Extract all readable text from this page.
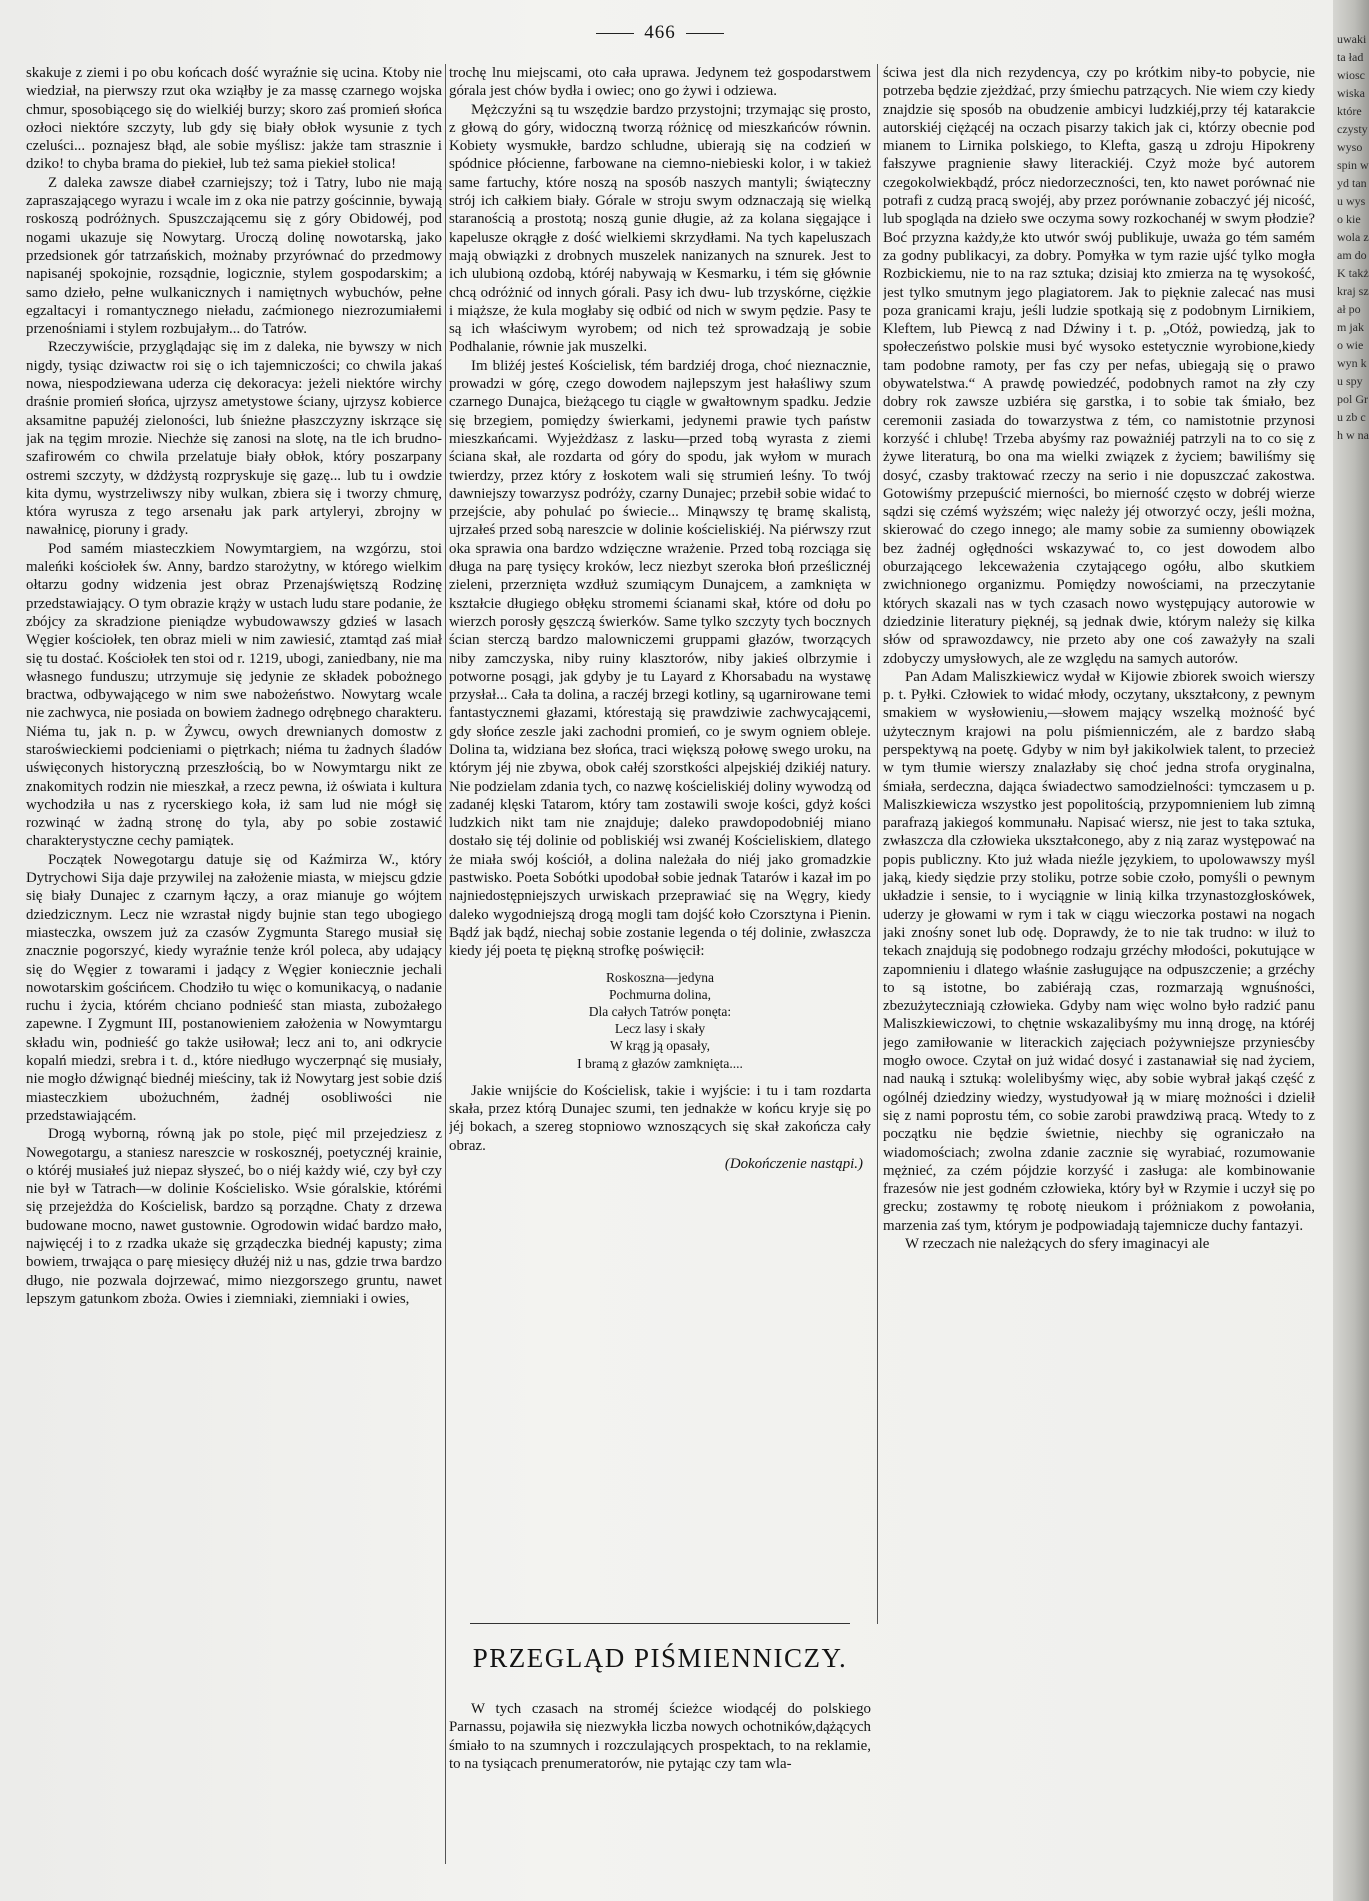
466

skakuje z ziemi i po obu końcach dość wyraźnie się ucina. Ktoby nie wiedział, na pierwszy rzut oka wziąłby je za massę czarnego wojska chmur, sposobiącego się do wielkiéj burzy; skoro zaś promień słońca ozłoci niektóre szczyty, lub gdy się biały obłok wysunie z tych czeluści... poznajesz błąd, ale sobie myślisz: jakże tam strasznie i dziko! to chyba brama do piekieł, lub też sama piekieł stolica!

Z daleka zawsze diabeł czarniejszy; toż i Tatry, lubo nie mają zapraszającego wyrazu i wcale im z oka nie patrzy gościnnie, bywają roskoszą podróżnych. Spuszczającemu się z góry Obidowéj, pod nogami ukazuje się Nowytarg. Uroczą dolinę nowotarską, jako przedsionek gór tatrzańskich, możnaby przyrównać do przedmowy napisanéj spokojnie, rozsądnie, logicznie, stylem gospodarskim; a samo dzieło, pełne wulkanicznych i namiętnych wybuchów, pełne egzaltacyi i romantycznego nieładu, zaćmionego niezrozumiałemi przenośniami i stylem rozbujałym... do Tatrów.

Rzeczywiście, przyglądając się im z daleka, nie bywszy w nich nigdy, tysiąc dziwactw roi się o ich tajemniczości; co chwila jakaś nowa, niespodziewana uderza cię dekoracya: jeżeli niektóre wirchy draśnie promień słońca, ujrzysz ametystowe ściany, ujrzysz kobierce aksamitne papużéj zieloności, lub śnieżne płaszczyzny iskrzące się jak na tęgim mrozie. Niechże się zanosi na slotę, na tle ich brudno-szafirowém co chwila przelatuje biały obłok, który poszarpany ostremi szczyty, w dżdżystą rozpryskuje się gazę... lub tu i owdzie kita dymu, wystrzeliwszy niby wulkan, zbiera się i tworzy chmurę, która wyrusza z tego arsenału jak park artyleryi, zbrojny w nawałnicę, pioruny i grady.

Pod samém miasteczkiem Nowymtargiem, na wzgórzu, stoi maleńki kościołek św. Anny, bardzo starożytny, w którego wielkim ołtarzu godny widzenia jest obraz Przenajświętszą Rodzinę przedstawiający. O tym obrazie krąży w ustach ludu stare podanie, że zbójcy za skradzione pieniądze wybudowawszy gdzieś w lasach Węgier kościołek, ten obraz mieli w nim zawiesić, ztamtąd zaś miał się tu dostać. Kościołek ten stoi od r. 1219, ubogi, zaniedbany, nie ma własnego funduszu; utrzymuje się jedynie ze składek pobożnego bractwa, odbywającego w nim swe nabożeństwo. Nowytarg wcale nie zachwyca, nie posiada on bowiem żadnego odrębnego charakteru. Niéma tu, jak n. p. w Żywcu, owych drewnianych domostw z staroświeckiemi podcieniami o piętrkach; niéma tu żadnych śladów uświęconych historyczną przeszłością, bo w Nowymtargu nikt ze znakomitych rodzin nie mieszkał, a rzecz pewna, iż oświata i kultura wychodziła u nas z rycerskiego koła, iż sam lud nie mógł się rozwinąć w żadną stronę do tyla, aby po sobie zostawić charakterystyczne cechy pamiątek.

Początek Nowegotargu datuje się od Kaźmirza W., który Dytrychowi Sija daje przywilej na założenie miasta, w miejscu gdzie się biały Dunajec z czarnym łączy, a oraz mianuje go wójtem dziedzicznym. Lecz nie wzrastał nigdy bujnie stan tego ubogiego miasteczka, owszem już za czasów Zygmunta Starego musiał się znacznie pogorszyć, kiedy wyraźnie tenże król poleca, aby udający się do Węgier z towarami i jadący z Węgier koniecznie jechali nowotarskim gościńcem. Chodziło tu więc o komunikacyą, o nadanie ruchu i życia, którém chciano podnieść stan miasta, zubożałego zapewne. I Zygmunt III, postanowieniem założenia w Nowymtargu składu win, podnieść go także usiłował; lecz ani to, ani odkrycie kopalń miedzi, srebra i t. d., które niedługo wyczerpnąć się musiały, nie mogło dźwignąć biednéj mieściny, tak iż Nowytarg jest sobie dziś miasteczkiem ubożuchném, żadnéj osobliwości nie przedstawiającém.

Drogą wyborną, równą jak po stole, pięć mil przejedziesz z Nowegotargu, a staniesz nareszcie w roskosznéj, poetycznéj krainie, o któréj musiałeś już niераz słyszeć, bo o niéj każdy wié, czy był czy nie był w Tatrach—w dolinie Kościelisko. Wsie góralskie, którémi się przejeżdża do Kościelisk, bardzo są porządne. Chaty z drzewa budowane mocno, nawet gustownie. Ogrodowin widać bardzo mało, najwięcéj i to z rzadka ukaże się grządeczka biednéj kapusty; zima bowiem, trwająca o parę miesięcy dłużéj niż u nas, gdzie trwa bardzo długo, nie pozwala dojrzewać, mimo niezgorszego gruntu, nawet lepszym gatunkom zboża. Owies i ziemniaki, ziemniaki i owies,

trochę lnu miejscami, oto cała uprawa. Jedynem też gospodarstwem górala jest chów bydła i owiec; ono go żywi i odziewa.

Mężczyźni są tu wszędzie bardzo przystojni; trzymając się prosto, z głową do góry, widoczną tworzą różnicę od mieszkańców równin. Kobiety wysmukłe, bardzo schludne, ubierają się na codzień w spódnice płócienne, farbowane na ciemno-niebieski kolor, i w takież same fartuchy, które noszą na sposób naszych mantyli; świąteczny strój ich całkiem biały. Górale w stroju swym odznaczają się wielką staranością a prostotą; noszą gunie długie, aż za kolana sięgające i kapelusze okrągłe z dość wielkiemi skrzydłami. Na tych kapeluszach mają obwiązki z drobnych muszelek nanizanych na sznurek. Jest to ich ulubioną ozdobą, któréj nabywają w Kesmarku, i tém się głównie chcą odróżnić od innych górali. Pasy ich dwu- lub trzyskórne, ciężkie i miąższe, że kula mogłaby się odbić od nich w swym pędzie. Pasy te są ich właściwym wyrobem; od nich też sprowadzają je sobie Podhalanie, równie jak muszelki.

Im bliżéj jesteś Kościelisk, tém bardziéj droga, choć nieznacznie, prowadzi w górę, czego dowodem najlepszym jest hałaśliwy szum czarnego Dunajca, bieżącego tu ciągle w gwałtownym spadku. Jedzie się brzegiem, pomiędzy świerkami, jedynemi prawie tych państw mieszkańcami. Wyjeżdżasz z lasku—przed tobą wyrasta z ziemi ściana skał, ale rozdarta od góry do spodu, jak wyłom w murach twierdzy, przez który z łoskotem wali się strumień leśny. To twój dawniejszy towarzysz podróży, czarny Dunajec; przebił sobie widać to przejście, aby pohulać po świecie... Minąwszy tę bramę skalistą, ujrzałeś przed sobą nareszcie w dolinie kościeliskiéj. Na piérwszy rzut oka sprawia ona bardzo wdzięczne wrażenie. Przed tobą rozciąga się długa na parę tysięcy kroków, lecz niezbyt szeroka błoń prześlicznéj zieleni, przerznięta wzdłuż szumiącym Dunajcem, a zamknięta w kształcie długiego obłęku stromemi ścianami skał, które od dołu po wierzch porosły gęszczą świerków. Same tylko szczyty tych bocznych ścian sterczą bardzo malowniczemi gruppami głazów, tworzących niby zamczyska, niby ruiny klasztorów, niby jakieś olbrzymie i potworne posągi, jak gdyby je tu Layard z Khorsabadu na wystawę przysłał... Cała ta dolina, a raczéj brzegi kotliny, są ugarnirowane temi fantastycznemi głazami, którestają się prawdziwie zachwycającemi, gdy słońce zeszle jaki zachodni promień, co je swym ogniem obleje. Dolina ta, widziana bez słońca, traci większą połowę swego uroku, na którym jéj nie zbywa, obok całéj szorstkości alpejskiéj dzikiéj natury. Nie podzielam zdania tych, co nazwę kościeliskiéj doliny wywodzą od zadanéj klęski Tatarom, który tam zostawili swoje kości, gdyż kości ludzkich nikt tam nie znajduje; daleko prawdopodobniéj miano dostało się téj dolinie od pobliskiéj wsi zwanéj Kościeliskiem, dlatego że miała swój kościół, a dolina należała do niéj jako gromadzkie pastwisko. Poeta Sobótki upodobał sobie jednak Tatarów i kazał im po najniedostępniejszych urwiskach przeprawiać się na Węgry, kiedy daleko wygodniejszą drogą mogli tam dojść koło Czorsztyna i Pienin. Bądź jak bądź, niechaj sobie zostanie legenda o téj dolinie, zwłaszcza kiedy jéj poeta tę piękną strofkę poświęcił:

Roskoszna—jedyna
Pochmurna dolina,
Dla całych Tatrów ponęta:
Lecz lasy i skały
W krąg ją opasały,
I bramą z głazów zamknięta....

Jakie wnijście do Kościelisk, takie i wyjście: i tu i tam rozdarta skała, przez którą Dunajec szumi, ten jednakże w końcu kryje się po jéj bokach, a szereg stopniowo wznoszących się skał zakończa cały obraz.

(Dokończenie nastąpi.)

PRZEGLĄD PIŚMIENNICZY.

W tych czasach na stroméj ścieżce wiodącéj do polskiego Parnassu, pojawiła się niezwykła liczba nowych ochotników,dążących śmiało to na szumnych i rozczulających prospektach, to na reklamie, to na tysiącach prenumeratorów, nie pytając czy tam wla-

ściwa jest dla nich rezydencya, czy po krótkim niby-to pobycie, nie potrzeba będzie zjeżdżać, przy śmiechu patrzących. Nie wiem czy kiedy znajdzie się sposób na obudzenie ambicyi ludzkiéj,przy téj katarakcie autorskiéj ciężącéj na oczach pisarzy takich jak ci, którzy obecnie pod mianem to Lirnika polskiego, to Klefta, gaszą u zdroju Hipokreny fałszywe pragnienie sławy literackiéj. Czyż może być autorem czegokolwiekbądź, prócz niedorzeczności, ten, kto nawet porównać nie potrafi z cudzą pracą swojéj, aby przez porównanie zobaczyć jéj nicość, lub spogląda na dzieło swe oczyma sowy rozkochanéj w swym płodzie? Boć przyzna każdy,że kto utwór swój publikuje, uważa go tém samém za godny publikacyi, za dobry. Pomyłka w tym razie ujść tylko mogła Rozbickiemu, nie to na raz sztuka; dzisiaj kto zmierza na tę wysokość, jest tylko smutnym jego plagiatorem. Jak to pięknie zalecać nas musi poza granicami kraju, jeśli ludzie spotkają się z podobnym Lirnikiem, Kleftem, lub Piewcą z nad Dźwiny i t. p. „Otóż, powiedzą, jak to społeczeństwo polskie musi być wysoko estetycznie wyrobione,kiedy tam podobne ramoty, per fas czy per nefas, ubiegają się o prawo obywatelstwa.“ A prawdę powiedzéć, podobnych ramot na zły czy dobry rok zawsze uzbiéra się garstka, i to sobie tak śmiało, bez ceremonii zasiada do towarzystwa z tém, co namistotnie przynosi korzyść i chlubę! Trzeba abyśmy raz poważniéj patrzyli na to co się z żywe literaturą, bo ona ma wielki związek z życiem; bawiliśmy się dosyć, czasby traktować rzeczy na serio i nie dopuszczać zakostwa. Gotowiśmy przepuścić mierności, bo mierność często w dobréj wierze sądzi się czémś wyższém; więc należy jéj otworzyć oczy, jeśli można, skierować do czego innego; ale mamy sobie za sumienny obowiązek bez żadnéj ogłędności wskazywać to, co jest dowodem albo oburzającego lekceważenia czytającego ogółu, albo skutkiem zwichnionego organizmu. Pomiędzy nowościami, na przeczytanie których skazali nas w tych czasach nowo występujący autorowie w dziedzinie literatury pięknéj, są jednak dwie, którym należy się kilka słów od sprawozdawcy, nie przeto aby one coś zaważyły na szali zdobyczy umysłowych, ale ze względu na samych autorów.

Pan Adam Maliszkiewicz wydał w Kijowie zbiorek swoich wierszy p. t. Pyłki. Człowiek to widać młody, oczytany, ukształcony, z pewnym smakiem w wysłowieniu,—słowem mający wszelką możność być użytecznym krajowi na polu piśmienniczém, ale z bardzo słabą perspektywą na poetę. Gdyby w nim był jakikolwiek talent, to przecież w tym tłumie wierszy znalazłaby się choć jedna strofa oryginalna, śmiała, serdeczna, dająca świadectwo samodzielności: tymczasem u p. Maliszkiewicza wszystko jest popolitością, przypomnieniem lub zimną parafrazą jakiegoś kommunału. Napisać wiersz, nie jest to taka sztuka, zwłaszcza dla człowieka ukształconego, aby z nią zaraz występować na popis publiczny. Kto już włada nieźle językiem, to upolowawszy myśl jaką, kiedy siędzie przy stoliku, potrze sobie czoło, pomyśli o pewnym układzie i sensie, to i wyciągnie w linią kilka trzynastozgłoskówek, uderzy je głowami w rym i tak w ciągu wieczorka postawi na nogach jaki znośny sonet lub odę. Doprawdy, że to nie tak trudno: w iluż to tekach znajdują się podobnego rodzaju grzéchy młodości, pokutujące w zapomnieniu i dlatego właśnie zasługujące na odpuszczenie; a grzéchy to są istotne, bo zabiérają czas, rozmarzają wgnuśności, zbezużyteczniają człowieka. Gdyby nam więc wolno było radzić panu Maliszkiewiczowi, to chętnie wskazalibyśmy mu inną drogę, na któréj jego zamiłowanie w literackich zajęciach pożywniejsze przyniesćby mogło owoce. Czytał on już widać dosyć i zastanawiał się nad życiem, nad nauką i sztuką: wolelibyśmy więc, aby sobie wybrał jakąś część z ogólnéj dziedziny wiedzy, wystudyował ją w miarę możności i dzielił się z nami poprostu tém, co sobie zarobi prawdziwą pracą. Wtedy to z początku nie będzie świetnie, niechby się ograniczało na wiadomościach; zwolna zdanie zacznie się wyrabiać, rozumowanie mężnieć, za czém pójdzie korzyść i zasługa: ale kombinowanie frazesów nie jest godném człowieka, który był w Rzymie i uczył się po grecku; zostawmy tę robotę nieukom i próżniakom z powołania, marzenia zaś tym, którym je podpowiadają tajemnicze duchy fantazyi.

W rzeczach nie należących do sfery imaginacyi ale

uwaki ta ład wiosc wiska które czysty wyso spin wyd tanu wyso kie wola zam do K takż kraj szał pom jako wie wyn ku spy pol Gru zb ch w na
